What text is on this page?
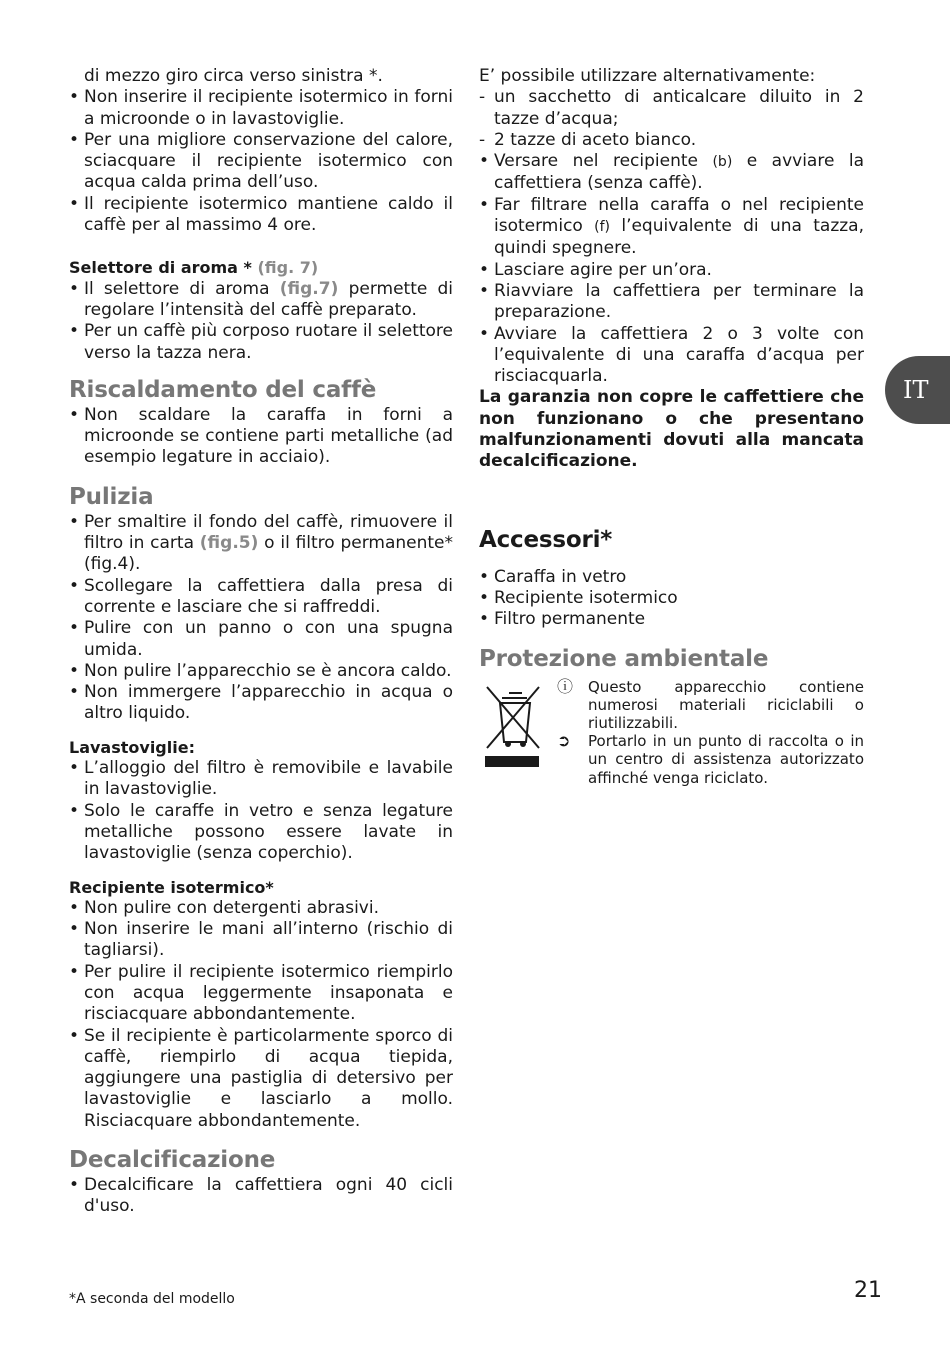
di mezzo giro circa verso sinistra *.

• Non inserire il recipiente isotermico in forni a microonde o in lavastoviglie.
• Per una migliore conservazione del calore, sciacquare il recipiente isotermico con acqua calda prima dell’uso.
• Il recipiente isotermico mantiene caldo il caffè per al massimo 4 ore.

Selettore di aroma * (fig. 7)

• Il selettore di aroma (fig.7) permette di regolare l’intensità del caffè preparato.
• Per un caffè più corposo ruotare il selettore verso la tazza nera.
Riscaldamento del caffè
• Non scaldare la caraffa in forni a microonde se contiene parti metalliche (ad esempio legature in acciaio).
Pulizia
• Per smaltire il fondo del caffè, rimuovere il filtro in carta (fig.5) o il filtro permanente* (fig.4).
• Scollegare la caffettiera dalla presa di corrente e lasciare che si raffreddi.
• Pulire con un panno o con una spugna umida.
• Non pulire l’apparecchio se è ancora caldo.
• Non immergere l’apparecchio in acqua o altro liquido.

Lavastoviglie:

• L’alloggio del filtro è removibile e lavabile in lavastoviglie.
• Solo le caraffe in vetro e senza legature metalliche possono essere lavate in lavastoviglie (senza coperchio).

Recipiente isotermico*

• Non pulire con detergenti abrasivi.
• Non inserire le mani all’interno (rischio di tagliarsi).
• Per pulire il recipiente isotermico riempirlo con acqua leggermente insaponata e risciacquare abbondantemente.
• Se il recipiente è particolarmente sporco di caffè, riempirlo di acqua tiepida, aggiungere una pastiglia di detersivo per lavastoviglie e lasciarlo a mollo. Risciacquare abbondantemente.
Decalcificazione
• Decalcificare la caffettiera ogni 40 cicli d'uso.

E’ possibile utilizzare alternativamente:

- un sacchetto di anticalcare diluito in 2 tazze d’acqua;
- 2 tazze di aceto bianco.
• Versare nel recipiente (b) e avviare la caffettiera (senza caffè).
• Far filtrare nella caraffa o nel recipiente isotermico (f) l’equivalente di una tazza, quindi spegnere.
• Lasciare agire per un’ora.
• Riavviare la caffettiera per terminare la preparazione.
• Avviare la caffettiera 2 o 3 volte con l’equivalente di una caraffa d’acqua per risciacquarla.

La garanzia non copre le caffettiere che non funzionano o che presentano malfunzionamenti dovuti alla mancata decalcificazione.

Accessori*
• Caraffa in vetro
• Recipiente isotermico
• Filtro permanente
Protezione ambientale
ⓘ Questo apparecchio contiene numerosi materiali riciclabili o riutilizzabili.
➲ Portarlo in un punto di raccolta o in un centro di assistenza autorizzato affinché venga riciclato.
IT
*A seconda del modello	21
